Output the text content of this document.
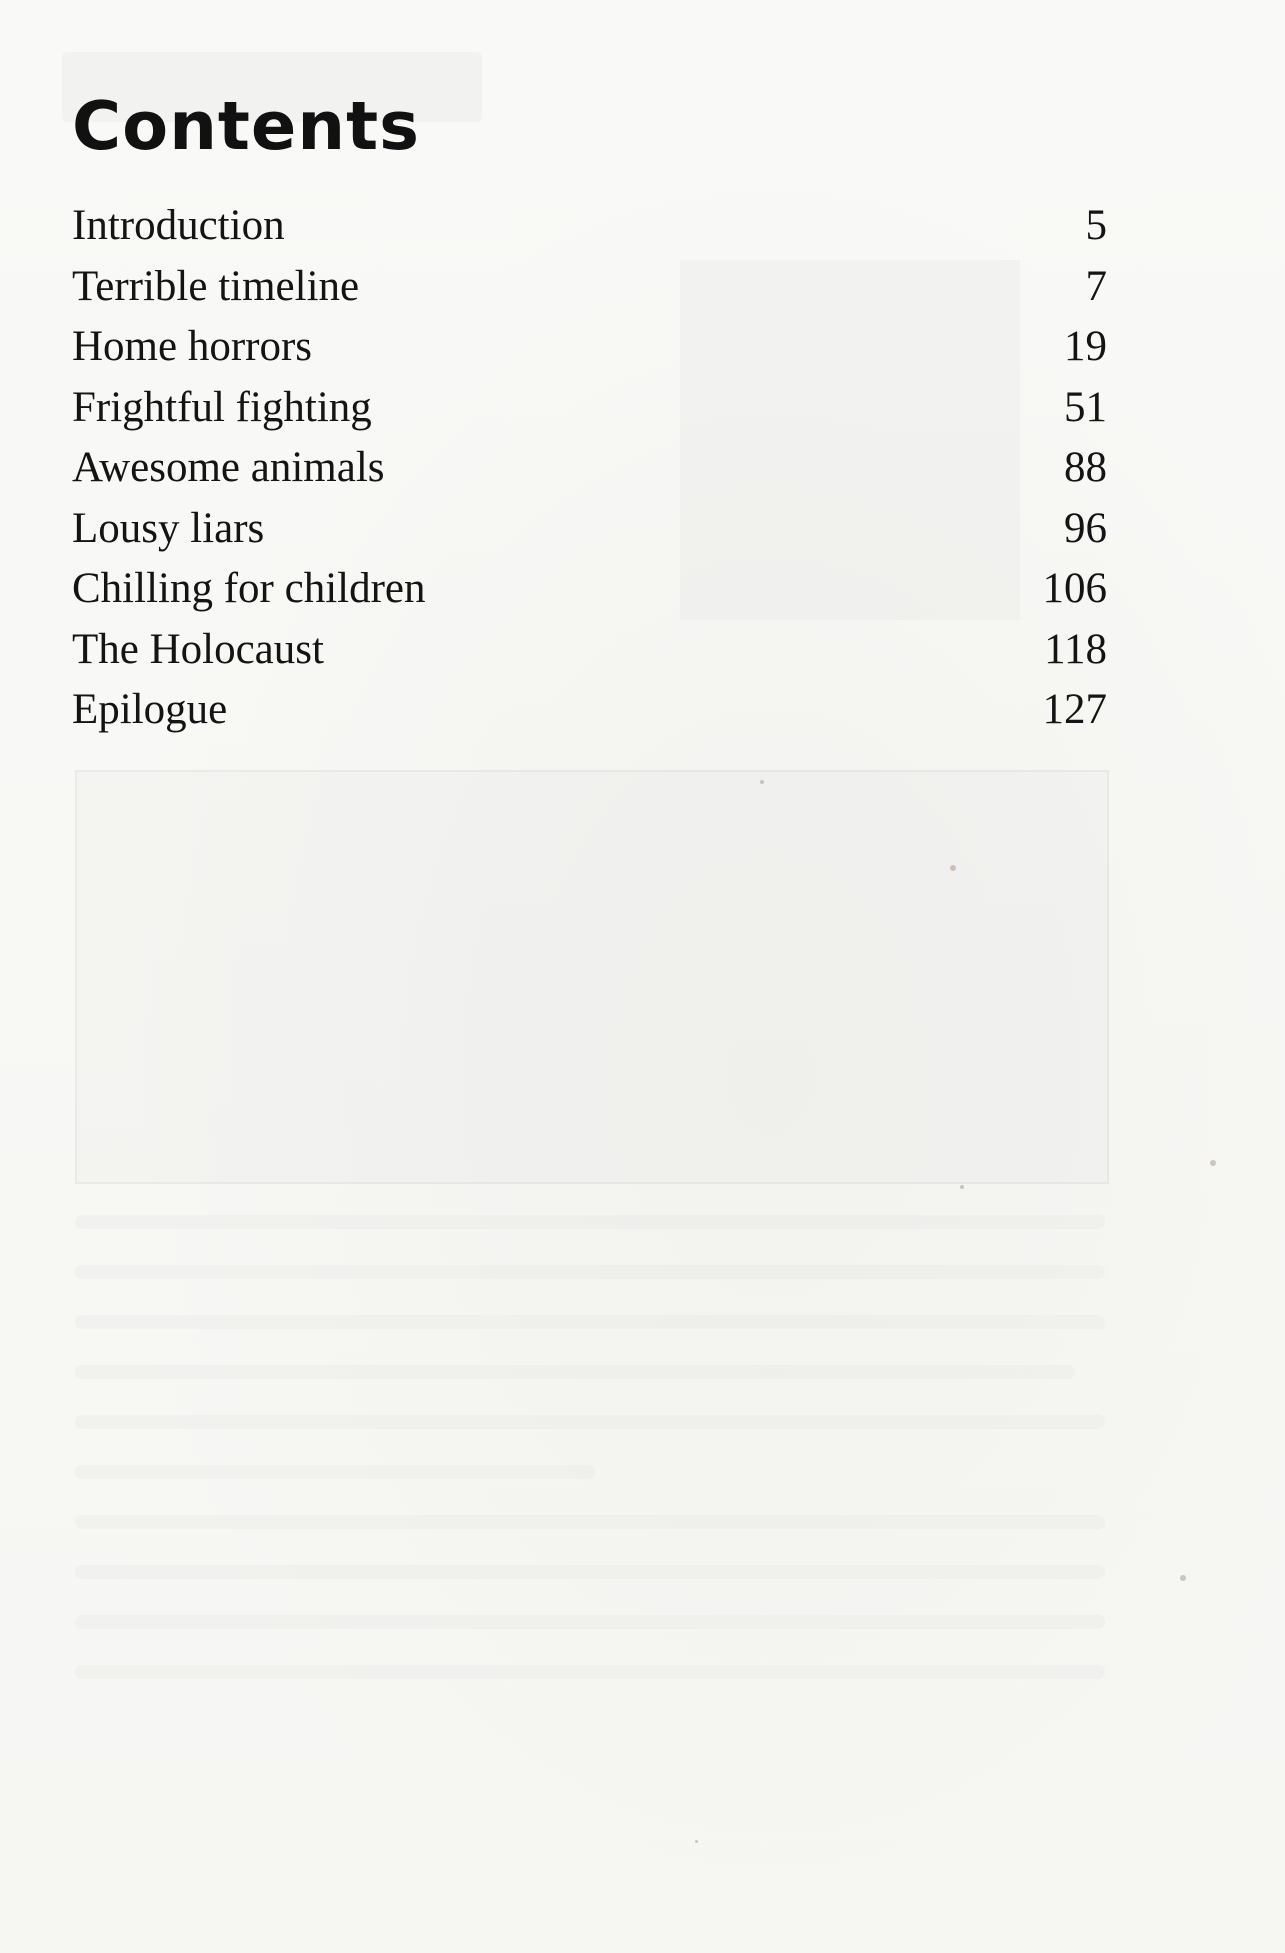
Contents
Introduction	5
Terrible timeline	7
Home horrors	19
Frightful fighting	51
Awesome animals	88
Lousy liars	96
Chilling for children	106
The Holocaust	118
Epilogue	127
